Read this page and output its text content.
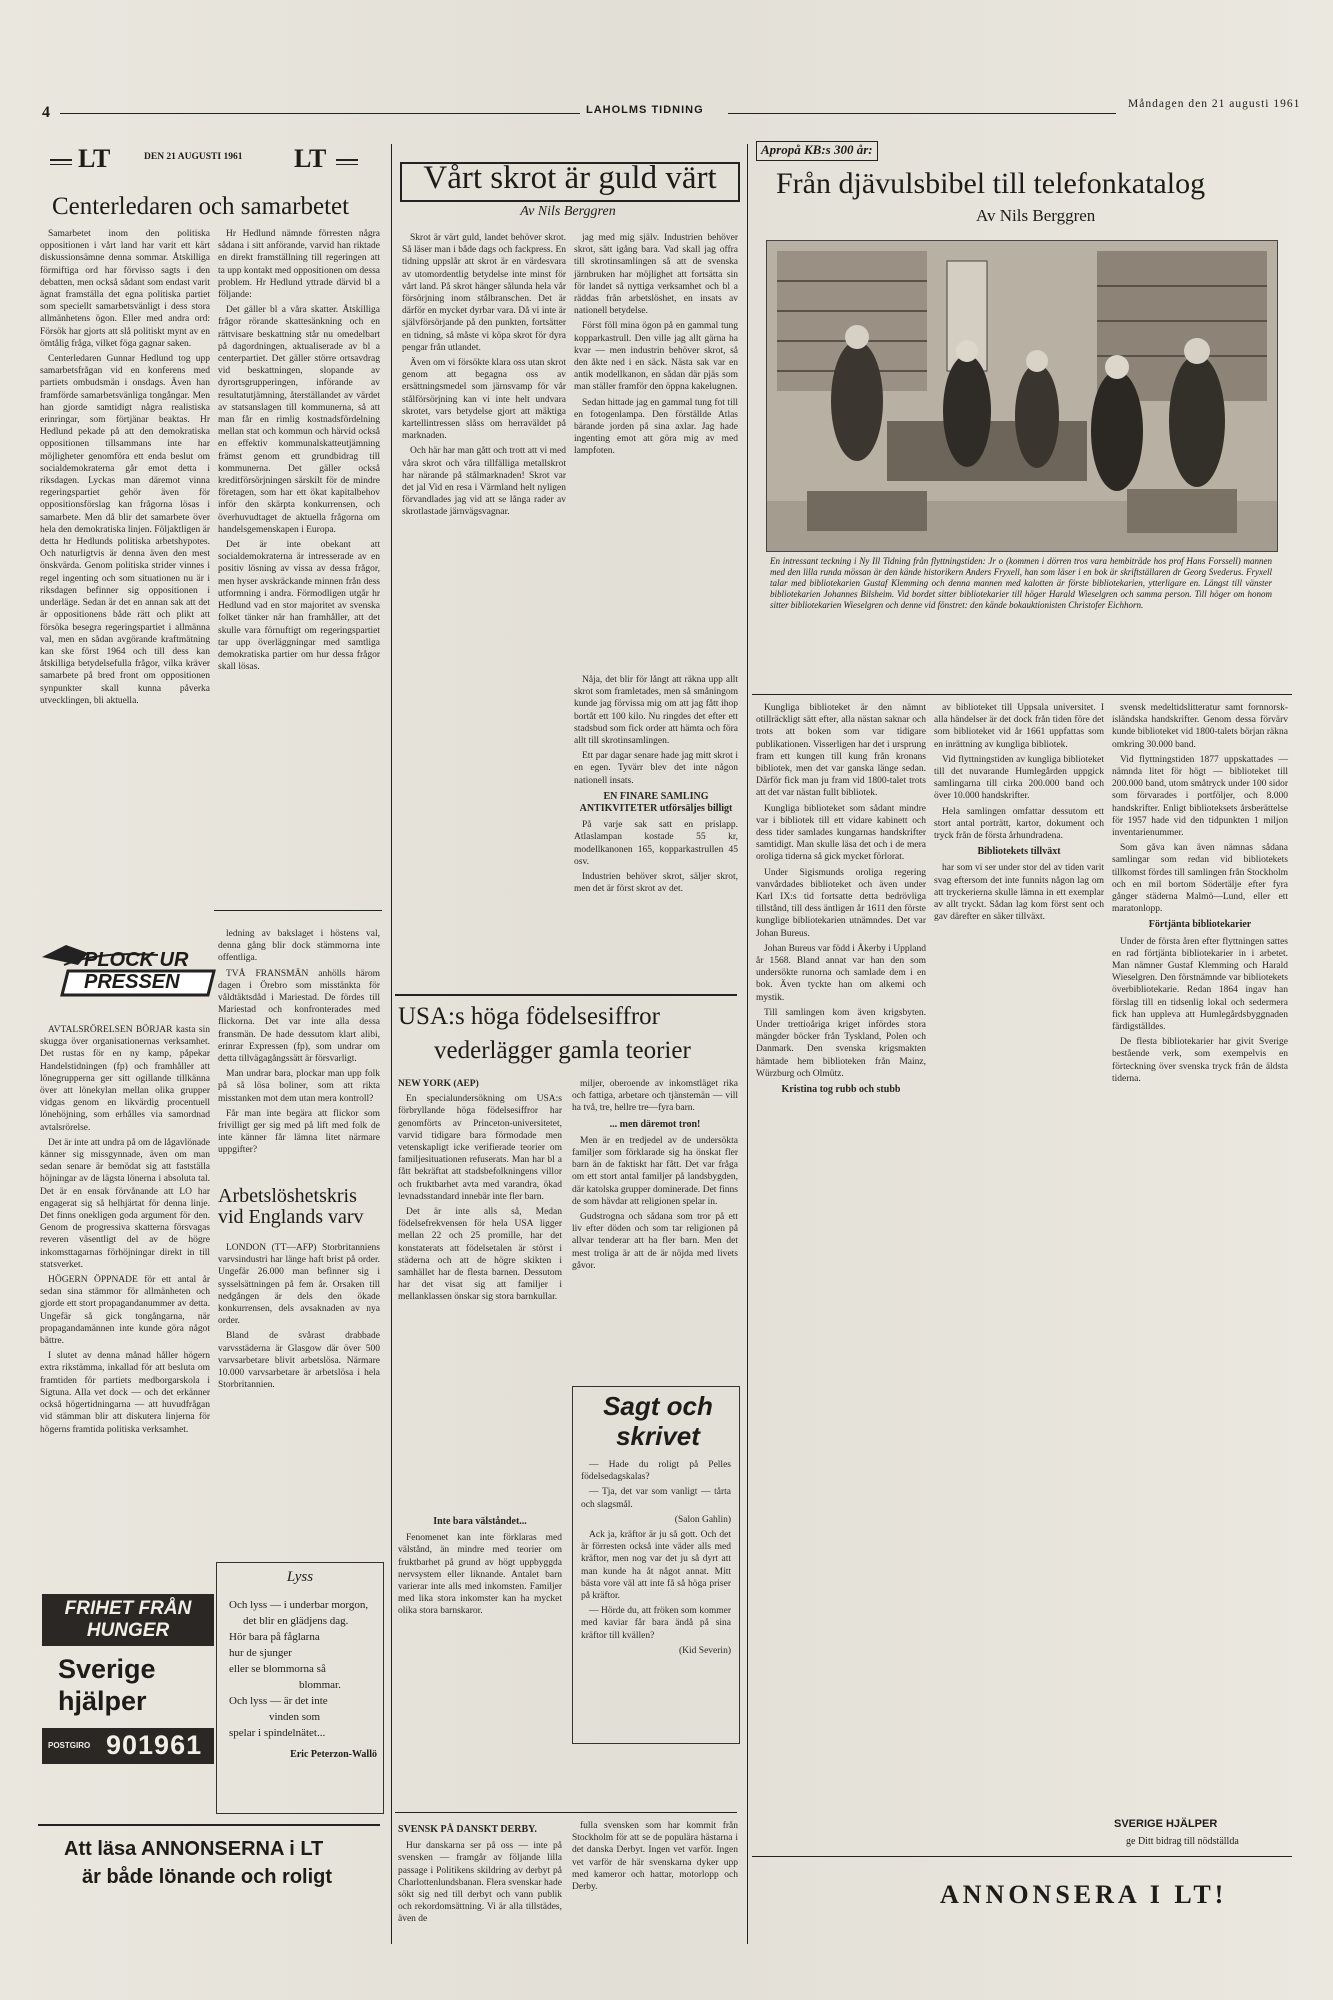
4	LAHOLMS TIDNING	Måndagen den 21 augusti 1961
LT	DEN 21 AUGUSTI 1961 LT
Centerledaren och samarbetet

Samarbetet inom den politiska oppositionen i vårt land har varit ett kärt diskussionsämne denna sommar. Åtskilliga förmiftiga ord har förvisso sagts i den debatten, men också sådant som endast varit ägnat framställa det egna politiska partiet som speciellt samarbetsvänligt i dess stora allmänhetens ögon. Eller med andra ord: Försök har gjorts att slå politiskt mynt av en ömtålig fråga, vilket föga gagnar saken.

Centerledaren Gunnar Hedlund tog upp samarbetsfrågan vid en konferens med partiets ombudsmän i onsdags. Även han framförde samarbetsvänliga tongångar. Men han gjorde samtidigt några realistiska erinringar, som förtjänar beaktas. Hr Hedlund pekade på att den demokratiska oppositionen tillsammans inte har möjligheter genomföra ett enda beslut om socialdemokraterna går emot detta i riksdagen. Lyckas man däremot vinna regeringspartiet gehör även för oppositionsförslag kan frågorna lösas i samarbete. Men då blir det samarbete över hela den demokratiska linjen. Följaktligen är detta hr Hedlunds politiska arbetshypotes. Och naturligtvis är denna även den mest önskvärda. Genom politiska strider vinnes i regel ingenting och som situationen nu är i riksdagen befinner sig oppositionen i underläge. Sedan är det en annan sak att det är oppositionens både rätt och plikt att försöka besegra regeringspartiet i allmänna val, men en sådan avgörande kraftmätning kan ske först 1964 och till dess kan åtskilliga betydelsefulla frågor, vilka kräver samarbete på bred front om oppositionen synpunkter skall kunna påverka utvecklingen, bli aktuella.

PLOCK UR PRESSEN

AVTALSRÖRELSEN BÖRJAR kasta sin skugga över organisationernas verksamhet. Det rustas för en ny kamp, påpekar Handelstidningen (fp) och framhåller att lönegrupperna ger sitt ogillande tillkänna över att lönekylan mellan olika grupper vidgas genom en likvärdig procentuell lönehöjning, som erhålles via samordnad avtalsrörelse.

Det är inte att undra på om de lågavlönade känner sig missgynnade, även om man sedan senare är bemödat sig att fastställa höjningar av de lägsta lönerna i absoluta tal. Det är en ensak förvånande att LO har engagerat sig så helhjärtat för denna linje. Det finns onekligen goda argument för den. Genom de progressiva skatterna försvagas reveren väsentligt del av de högre inkomsttagarnas förhöjningar direkt in till statsverket.

HÖGERN ÖPPNADE för ett antal år sedan sina stämmor för allmänheten och gjorde ett stort propagandanummer av detta. Ungefär så gick tongångarna, när propagandamännen inte kunde göra något bättre.

I slutet av denna månad håller högern extra rikstämma, inkallad för att besluta om framtiden för partiets medborgarskola i Sigtuna. Alla vet dock — och det erkänner också högertidningarna — att huvudfrågan vid stämman blir att diskutera linjerna för högerns framtida politiska verksamhet.

FRIHET FRÅN
HUNGER
Sverige
hjälper
POSTGIRO 901961
Att läsa ANNONSERNA i LT
är både lönande och roligt

Hr Hedlund nämnde förresten några sådana i sitt anförande, varvid han riktade en direkt framställning till regeringen att ta upp kontakt med oppositionen om dessa problem. Hr Hedlund yttrade därvid bl a följande:

Det gäller bl a våra skatter. Åtskilliga frågor rörande skattesänkning och en rättvisare beskattning står nu omedelbart på dagordningen, aktualiserade av bl a centerpartiet. Det gäller större ortsavdrag vid beskattningen, slopande av dyrortsgrupperingen, införande av resultatutjämning, återställandet av värdet av statsanslagen till kommunerna, så att man får en rimlig kostnadsfördelning mellan stat och kommun och härvid också en effektiv kommunalskatteutjämning främst genom ett grundbidrag till kommunerna. Det gäller också kreditförsörjningen särskilt för de mindre företagen, som har ett ökat kapitalbehov inför den skärpta konkurrensen, och överhuvudtaget de aktuella frågorna om handelsgemenskapen i Europa.

Det är inte obekant att socialdemokraterna är intresserade av en positiv lösning av vissa av dessa frågor, men hyser avskräckande minnen från dess utformning i andra. Förmodligen utgår hr Hedlund vad en stor majoritet av svenska folket tänker när han framhåller, att det skulle vara förnuftigt om regeringspartiet tar upp överläggningar med samtliga demokratiska partier om hur dessa frågor skall lösas.

ledning av bakslaget i höstens val, denna gång blir dock stämmorna inte offentliga.

TVÅ FRANSMÄN anhölls härom dagen i Örebro som misstänkta för våldtäktsdåd i Mariestad. De fördes till Mariestad och konfronterades med flickorna. Det var inte alla dessa fransmän. De hade dessutom klart alibi, erinrar Expressen (fp), som undrar om detta tillvägagångssätt är försvarligt.

Man undrar bara, plockar man upp folk på så lösa boliner, som att rikta misstanken mot dem utan mera kontroll?

Får man inte begära att flickor som frivilligt ger sig med på lift med folk de inte känner får lämna litet närmare uppgifter?

Arbetslöshetskris vid Englands varv

LONDON (TT—AFP) Storbritanniens varvsindustri har länge haft brist på order. Ungefär 26.000 man befinner sig i sysselsättningen på fem år. Orsaken till nedgången är dels den ökade konkurrensen, dels avsaknaden av nya order.

Bland de svårast drabbade varvsstäderna är Glasgow där över 500 varvsarbetare blivit arbetslösa. Närmare 10.000 varvsarbetare är arbetslösa i hela Storbritannien.

Lyss
Och lyss — i underbar morgon,
det blir en glädjens dag.
Hör bara på fåglarna
hur de sjunger
eller se blommorna så
blommar.
Och lyss — är det inte
vinden som
spelar i spindelnätet...
Eric Peterzon-Wallö
Vårt skrot är guld värt
Av Nils Berggren

Skrot är värt guld, landet behöver skrot. Så läser man i både dags och fackpress. En tidning uppslår att skrot är en värdesvara av utomordentlig betydelse inte minst för vårt land. På skrot hänger sålunda hela vår försörjning inom stålbranschen. Det är därför en mycket dyrbar vara. Då vi inte är självförsörjande på den punkten, fortsätter en tidning, så måste vi köpa skrot för dyra pengar från utlandet.

Även om vi försökte klara oss utan skrot genom att begagna oss av ersättningsmedel som järnsvamp för vår stålförsörjning kan vi inte helt undvara skrotet, vars betydelse gjort att mäktiga kartellintressen slåss om herraväldet på marknaden.

Och här har man gått och trott att vi med våra skrot och våra tillfälliga metallskrot har närande på stålmarknaden! Skrot var det jal Vid en resa i Värmland helt nyligen förvandlades jag vid att se långa rader av skrotlastade järnvägsvagnar.

jag med mig själv. Industrien behöver skrot, sätt igång bara. Vad skall jag offra till skrotinsamlingen så att de svenska järnbruken har möjlighet att fortsätta sin för landet så nyttiga verksamhet och bl a räddas från arbetslöshet, en insats av nationell betydelse.

Först föll mina ögon på en gammal tung kopparkastrull. Den ville jag allt gärna ha kvar — men industrin behöver skrot, så den åkte ned i en säck. Nästa sak var en antik modellkanon, en sådan där pjäs som man ställer framför den öppna kakelugnen.

Sedan hittade jag en gammal tung fot till en fotogenlampa. Den förställde Atlas bärande jorden på sina axlar. Jag hade ingenting emot att göra mig av med lampfoten.

Nåja, det blir för långt att räkna upp allt skrot som framletades, men så småningom kunde jag förvissa mig om att jag fått ihop bortåt ett 100 kilo. Nu ringdes det efter ett stadsbud som fick order att hämta och föra allt till skrotinsamlingen.

Ett par dagar senare hade jag mitt skrot i en egen. Tyvärr blev det inte någon nationell insats.

EN FINARE SAMLING ANTIKVITETER utförsäljes billigt

På varje sak satt en prislapp. Atlaslampan kostade 55 kr, modellkanonen 165, kopparkastrullen 45 osv.

Industrien behöver skrot, säljer skrot, men det är först skrot av det.

USA:s höga födelsesiffror
vederlägger gamla teorier

NEW YORK (AEP)

En specialundersökning om USA:s förbryllande höga födelsesiffror har genomförts av Princeton-universitetet, varvid tidigare bara förmodade men vetenskapligt icke verifierade teorier om familjesituationen refuserats. Man har bl a fått bekräftat att stadsbefolkningens villor och fruktbarhet avta med varandra, ökad levnadsstandard innebär inte fler barn.

Det är inte alls så, Medan födelsefrekvensen för hela USA ligger mellan 22 och 25 promille, har det konstaterats att födelsetalen är störst i städerna och att de högre skikten i samhället har de flesta barnen. Dessutom har det visat sig att familjer i mellanklassen önskar sig stora barnkullar.

miljer, oberoende av inkomstläget rika och fattiga, arbetare och tjänstemän — vill ha två, tre, hellre tre—fyra barn.

... men däremot tron!

Men är en tredjedel av de undersökta familjer som förklarade sig ha önskat fler barn än de faktiskt har fått. Det var fråga om ett stort antal familjer på landsbygden, där katolska grupper dominerade. Det finns de som hävdar att religionen spelar in.

Gudstrogna och sådana som tror på ett liv efter döden och som tar religionen på allvar tenderar att ha fler barn. Men det mest troliga är att de är nöjda med livets gåvor.

Inte bara välståndet...

Fenomenet kan inte förklaras med välstånd, än mindre med teorier om fruktbarhet på grund av högt uppbyggda nervsystem eller liknande. Antalet barn varierar inte alls med inkomsten. Familjer med lika stora inkomster kan ha mycket olika stora barnskaror.

Sagt och
skrivet

— Hade du roligt på Pelles födelsedagskalas?

— Tja, det var som vanligt — tårta och slagsmål.

(Salon Gahlin)

Ack ja, kräftor är ju så gott. Och det är förresten också inte väder alls med kräftor, men nog var det ju så dyrt att man kunde ha åt något annat. Mitt bästa vore väl att inte få så höga priser på kräftor.

— Hörde du, att fröken som kommer med kaviar får bara ändå på sina kräftor till kvällen?

(Kid Severin)

SVENSK PÅ DANSKT DERBY.

Hur danskarna ser på oss — inte på svensken — framgår av följande lilla passage i Politikens skildring av derbyt på Charlottenlundsbanan. Flera svenskar hade sökt sig ned till derbyt och vann publik och rekordomsättning. Vi är alla tillstädes, även de

fulla svensken som har kommit från Stockholm för att se de populära hästarna i det danska Derbyt. Ingen vet varför. Ingen vet varför de här svenskarna dyker upp med kameror och hattar, motorlopp och Derby.

Apropå KB:s 300 år:
Från djävulsbibel till telefonkatalog
Av Nils Berggren
En intressant teckning i Ny Ill Tidning från flyttningstiden: Jr o (kommen i dörren tros vara hembiträde hos prof Hans Forssell) mannen med den lilla runda mössan är den kände historikern Anders Fryxell, han som läser i en bok är skriftställaren dr Georg Svederus. Fryxell talar med bibliotekarien Gustaf Klemming och denna mannen med kalotten är förste bibliotekarien, ytterligare en. Längst till vänster bibliotekarien Johannes Bilsheim. Vid bordet sitter bibliotekarier till höger Harald Wieselgren och samma person. Till höger om honom sitter bibliotekarien Wieselgren och denne vid fönstret: den kände bokauktionisten Christofer Eichhorn.

Kungliga biblioteket är den nämnt otillräckligt sätt efter, alla nästan saknar och trots att boken som var tidigare publikationen. Visserligen har det i ursprung fram ett kungen till kung från kronans bibliotek, men det var ganska länge sedan. Därför fick man ju fram vid 1800-talet trots att det var nästan fullt bibliotek.

Kungliga biblioteket som sådant mindre var i bibliotek till ett vidare kabinett och dess tider samlades kungarnas handskrifter samtidigt. Man skulle läsa det och i de mera oroliga tiderna så gick mycket förlorat.

Under Sigismunds oroliga regering vanvårdades biblioteket och även under Karl IX:s tid fortsatte detta bedrövliga tillstånd, till dess äntligen år 1611 den förste kunglige bibliotekarien utnämndes. Det var Johan Bureus.

Johan Bureus var född i Åkerby i Uppland år 1568. Bland annat var han den som undersökte runorna och samlade dem i en bok. Även tyckte han om alkemi och mystik.

Till samlingen kom även krigsbyten. Under trettioåriga kriget infördes stora mängder böcker från Tyskland, Polen och Danmark. Den svenska krigsmakten hämtade hem biblioteken från Mainz, Würzburg och Olmütz.

Kristina tog rubb och stubb

av biblioteket till Uppsala universitet. I alla händelser är det dock från tiden före det som biblioteket vid år 1661 uppfattas som en inrättning av kungliga bibliotek.

Vid flyttningstiden av kungliga biblioteket till det nuvarande Humlegården uppgick samlingarna till cirka 200.000 band och över 10.000 handskrifter.

Hela samlingen omfattar dessutom ett stort antal porträtt, kartor, dokument och tryck från de första århundradena.

Bibliotekets tillväxt

har som vi ser under stor del av tiden varit svag eftersom det inte funnits någon lag om att tryckerierna skulle lämna in ett exemplar av allt tryckt. Sådan lag kom först sent och gav därefter en säker tillväxt.

svensk medeltidslitteratur samt fornnorsk-isländska handskrifter. Genom dessa förvärv kunde biblioteket vid 1800-talets början räkna omkring 30.000 band.

Vid flyttningstiden 1877 uppskattades — nämnda litet för högt — biblioteket till 200.000 band, utom småtryck under 100 sidor som förvarades i portföljer, och 8.000 handskrifter. Enligt biblioteksets årsberättelse för 1957 hade vid den tidpunkten 1 miljon inventarienummer.

Som gåva kan även nämnas sådana samlingar som redan vid bibliotekets tillkomst fördes till samlingen från Stockholm och en mil bortom Södertälje efter fyra gånger städerna Malmö—Lund, eller ett maratonlopp.

Förtjänta bibliotekarier

Under de första åren efter flyttningen sattes en rad förtjänta bibliotekarier in i arbetet. Man nämner Gustaf Klemming och Harald Wieselgren. Den förstnämnde var bibliotekets överbibliotekarie. Redan 1864 ingav han förslag till en tidsenlig lokal och sedermera fick han uppleva att Humlegårdsbyggnaden färdigställdes.

De flesta bibliotekarier har givit Sverige bestående verk, som exempelvis en förteckning över svenska tryck från de äldsta tiderna.

SVERIGE HJÄLPER
ge Ditt bidrag till nödställda
ANNONSERA I LT!
